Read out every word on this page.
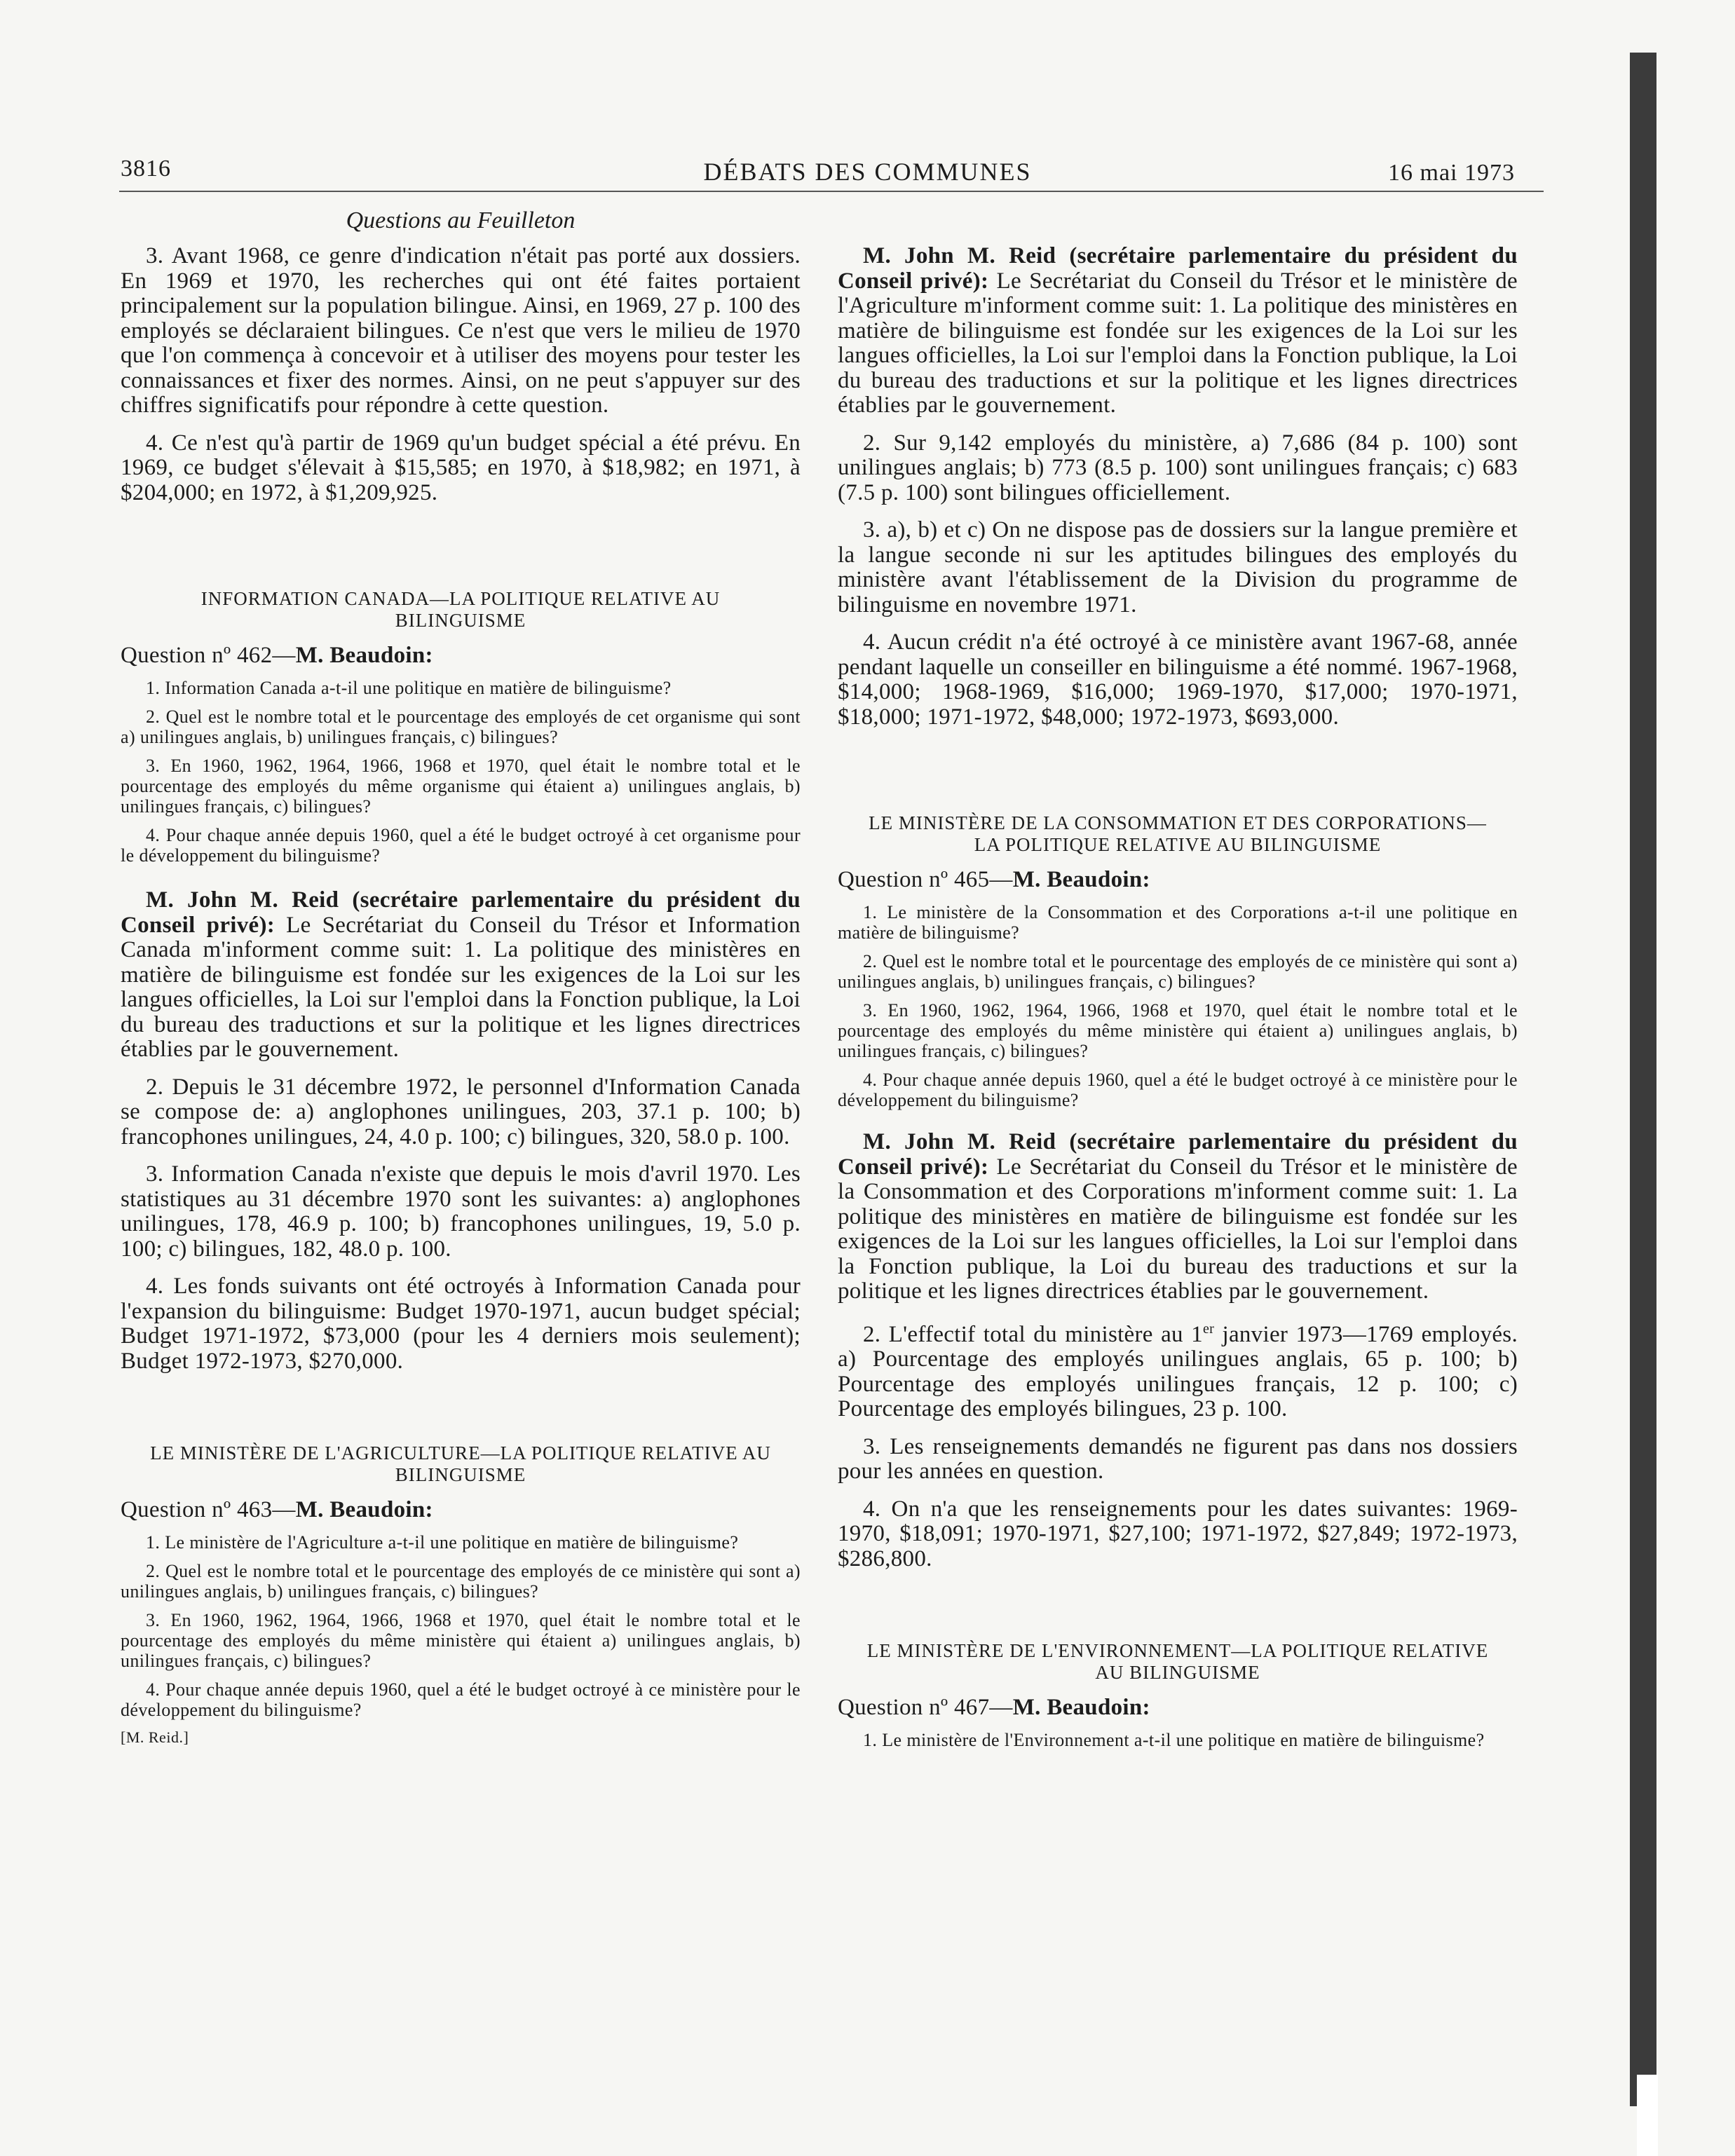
3816	DÉBATS DES COMMUNES	16 mai 1973
Questions au Feuilleton

3. Avant 1968, ce genre d'indication n'était pas porté aux dossiers. En 1969 et 1970, les recherches qui ont été faites portaient principalement sur la population bilingue. Ainsi, en 1969, 27 p. 100 des employés se déclaraient bilingues. Ce n'est que vers le milieu de 1970 que l'on commença à concevoir et à utiliser des moyens pour tester les connaissances et fixer des normes. Ainsi, on ne peut s'appuyer sur des chiffres significatifs pour répondre à cette question.

4. Ce n'est qu'à partir de 1969 qu'un budget spécial a été prévu. En 1969, ce budget s'élevait à $15,585; en 1970, à $18,982; en 1971, à $204,000; en 1972, à $1,209,925.

INFORMATION CANADA—LA POLITIQUE RELATIVE AU BILINGUISME
Question nº 462—M. Beaudoin:

1. Information Canada a-t-il une politique en matière de bilinguisme?

2. Quel est le nombre total et le pourcentage des employés de cet organisme qui sont a) unilingues anglais, b) unilingues français, c) bilingues?

3. En 1960, 1962, 1964, 1966, 1968 et 1970, quel était le nombre total et le pourcentage des employés du même organisme qui étaient a) unilingues anglais, b) unilingues français, c) bilingues?

4. Pour chaque année depuis 1960, quel a été le budget octroyé à cet organisme pour le développement du bilinguisme?

M. John M. Reid (secrétaire parlementaire du président du Conseil privé): Le Secrétariat du Conseil du Trésor et Information Canada m'informent comme suit: 1. La politique des ministères en matière de bilinguisme est fondée sur les exigences de la Loi sur les langues officielles, la Loi sur l'emploi dans la Fonction publique, la Loi du bureau des traductions et sur la politique et les lignes directrices établies par le gouvernement.

2. Depuis le 31 décembre 1972, le personnel d'Information Canada se compose de: a) anglophones unilingues, 203, 37.1 p. 100; b) francophones unilingues, 24, 4.0 p. 100; c) bilingues, 320, 58.0 p. 100.

3. Information Canada n'existe que depuis le mois d'avril 1970. Les statistiques au 31 décembre 1970 sont les suivantes: a) anglophones unilingues, 178, 46.9 p. 100; b) francophones unilingues, 19, 5.0 p. 100; c) bilingues, 182, 48.0 p. 100.

4. Les fonds suivants ont été octroyés à Information Canada pour l'expansion du bilinguisme: Budget 1970-1971, aucun budget spécial; Budget 1971-1972, $73,000 (pour les 4 derniers mois seulement); Budget 1972-1973, $270,000.

LE MINISTÈRE DE L'AGRICULTURE—LA POLITIQUE RELATIVE AU BILINGUISME
Question nº 463—M. Beaudoin:

1. Le ministère de l'Agriculture a-t-il une politique en matière de bilinguisme?

2. Quel est le nombre total et le pourcentage des employés de ce ministère qui sont a) unilingues anglais, b) unilingues français, c) bilingues?

3. En 1960, 1962, 1964, 1966, 1968 et 1970, quel était le nombre total et le pourcentage des employés du même ministère qui étaient a) unilingues anglais, b) unilingues français, c) bilingues?

4. Pour chaque année depuis 1960, quel a été le budget octroyé à ce ministère pour le développement du bilinguisme?

[M. Reid.]

M. John M. Reid (secrétaire parlementaire du président du Conseil privé): Le Secrétariat du Conseil du Trésor et le ministère de l'Agriculture m'informent comme suit: 1. La politique des ministères en matière de bilinguisme est fondée sur les exigences de la Loi sur les langues officielles, la Loi sur l'emploi dans la Fonction publique, la Loi du bureau des traductions et sur la politique et les lignes directrices établies par le gouvernement.

2. Sur 9,142 employés du ministère, a) 7,686 (84 p. 100) sont unilingues anglais; b) 773 (8.5 p. 100) sont unilingues français; c) 683 (7.5 p. 100) sont bilingues officiellement.

3. a), b) et c) On ne dispose pas de dossiers sur la langue première et la langue seconde ni sur les aptitudes bilingues des employés du ministère avant l'établissement de la Division du programme de bilinguisme en novembre 1971.

4. Aucun crédit n'a été octroyé à ce ministère avant 1967-68, année pendant laquelle un conseiller en bilinguisme a été nommé. 1967-1968, $14,000; 1968-1969, $16,000; 1969-1970, $17,000; 1970-1971, $18,000; 1971-1972, $48,000; 1972-1973, $693,000.

LE MINISTÈRE DE LA CONSOMMATION ET DES CORPORATIONS—LA POLITIQUE RELATIVE AU BILINGUISME
Question nº 465—M. Beaudoin:

1. Le ministère de la Consommation et des Corporations a-t-il une politique en matière de bilinguisme?

2. Quel est le nombre total et le pourcentage des employés de ce ministère qui sont a) unilingues anglais, b) unilingues français, c) bilingues?

3. En 1960, 1962, 1964, 1966, 1968 et 1970, quel était le nombre total et le pourcentage des employés du même ministère qui étaient a) unilingues anglais, b) unilingues français, c) bilingues?

4. Pour chaque année depuis 1960, quel a été le budget octroyé à ce ministère pour le développement du bilinguisme?

M. John M. Reid (secrétaire parlementaire du président du Conseil privé): Le Secrétariat du Conseil du Trésor et le ministère de la Consommation et des Corporations m'informent comme suit: 1. La politique des ministères en matière de bilinguisme est fondée sur les exigences de la Loi sur les langues officielles, la Loi sur l'emploi dans la Fonction publique, la Loi du bureau des traductions et sur la politique et les lignes directrices établies par le gouvernement.

2. L'effectif total du ministère au 1er janvier 1973—1769 employés. a) Pourcentage des employés unilingues anglais, 65 p. 100; b) Pourcentage des employés unilingues français, 12 p. 100; c) Pourcentage des employés bilingues, 23 p. 100.

3. Les renseignements demandés ne figurent pas dans nos dossiers pour les années en question.

4. On n'a que les renseignements pour les dates suivantes: 1969-1970, $18,091; 1970-1971, $27,100; 1971-1972, $27,849; 1972-1973, $286,800.

LE MINISTÈRE DE L'ENVIRONNEMENT—LA POLITIQUE RELATIVE AU BILINGUISME
Question nº 467—M. Beaudoin:

1. Le ministère de l'Environnement a-t-il une politique en matière de bilinguisme?
